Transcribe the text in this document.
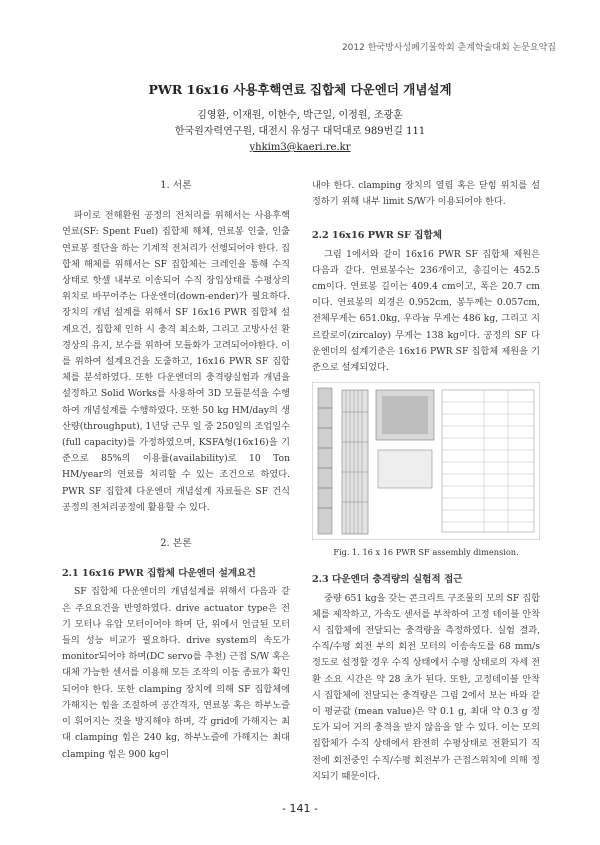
2012 한국방사성폐기물학회 춘계학술대회 논문요약집
PWR 16x16 사용후핵연료 집합체 다운엔더 개념설계
김영환, 이재원, 이한수, 박근일, 이정원, 조광훈
한국원자력연구원, 대전시 유성구 대덕대로 989번길 111
yhkim3@kaeri.re.kr
1. 서론

파이로 전해환원 공정의 전처리를 위해서는 사용후핵연료(SF: Spent Fuel) 집합체 해체, 연료봉 인출, 인출연료봉 절단을 하는 기계적 전처리가 선행되어야 한다. 집합체 해체를 위해서는 SF 집합체는 크레인을 통해 수직상태로 핫셀 내부로 이송되어 수직 장입상태를 수평상의 위치로 바꾸어주는 다운엔더(down-ender)가 필요하다. 장치의 개념 설계를 위해서 SF 16x16 PWR 집합체 설계요건, 집합체 인하 시 충격 최소화, 그리고 고방사선 환경상의 유지, 보수를 위하여 모듈화가 고려되어야한다. 이를 위하여 설계요건을 도출하고, 16x16 PWR SF 집합체를 분석하였다. 또한 다운엔더의 충격량실험과 개념을 설정하고 Solid Works를 사용하여 3D 모듈분석을 수행하여 개념설계를 수행하였다. 또한 50 kg HM/day의 생산량(throughput), 1년당 근무 일 중 250일의 조업일수(full capacity)를 가정하였으며, KSFA형(16x16)을 기준으로 85%의 이용률(availability)로 10 Ton HM/year의 연료를 처리할 수 있는 조건으로 하였다. PWR SF 집합체 다운엔더 개념설계 자료들은 SF 건식공정의 전처리공정에 활용할 수 있다.

2. 본론
2.1 16x16 PWR 집합체 다운엔더 설계요건

SF 집합체 다운엔더의 개념설계를 위해서 다음과 같은 주요요건을 반영하였다. drive actuator type은 전기 모터나 유압 모터이어야 하며 단, 위에서 언급된 모터들의 성능 비교가 필요하다. drive system의 속도가 monitor되어야 하며(DC servo를 추천) 근접 S/W 혹은 대체 가능한 센서를 이용해 모든 조작의 이동 종료가 확인되어야 한다. 또한 clamping 장치에 의해 SF 집합체에 가해지는 힘을 조절하여 공간격자, 연료봉 혹은 하부노즐이 휘어지는 것을 방지해야 하며, 각 grid에 가해지는 최대 clamping 힘은 240 kg, 하부노즐에 가해지는 최대 clamping 힘은 900 kg이

내야 한다. clamping 장치의 열림 혹은 닫힘 위치를 설정하기 위해 내부 limit S/W가 이용되어야 한다.

2.2 16x16 PWR SF 집합체

그림 1에서와 같이 16x16 PWR SF 집합체 제원은 다음과 같다. 연료봉수는 236개이고, 총길이는 452.5 cm이다. 연료봉 길이는 409.4 cm이고, 폭은 20.7 cm이다. 연료봉의 외경은 0.952cm, 봉두께는 0.057cm, 전체무게는 651.0kg, 우라늄 무게는 486 kg, 그리고 지르칼로이(zircaloy) 무게는 138 kg이다. 공정의 SF 다운엔더의 설계기준은 16x16 PWR SF 집합체 제원을 기준으로 설계되었다.

Fig. 1. 16 x 16 PWR SF assembly dimension.
2.3 다운엔더 충격량의 실험적 접근

중량 651 kg을 갖는 콘크리트 구조물의 모의 SF 집합체를 제작하고, 가속도 센서를 부착하여 고정 테이블 안착시 집합체에 전달되는 충격량을 측정하였다. 실험 결과, 수직/수평 회전 부의 회전 모터의 이송속도를 68 mm/s 정도로 설정할 경우 수직 상태에서 수평 상태로의 자세 전환 소요 시간은 약 28 초가 된다. 또한, 고정테이블 안착 시 집합체에 전달되는 충격량은 그림 2에서 보는 바와 같이 평균값 (mean value)은 약 0.1 g, 최대 약 0.3 g 정도가 되어 거의 충격을 받지 않음을 알 수 있다. 이는 모의 집합체가 수직 상태에서 완전히 수평상태로 전환되기 직전에 회전중인 수직/수평 회전부가 근접스위치에 의해 정지되기 때문이다.

- 141 -
